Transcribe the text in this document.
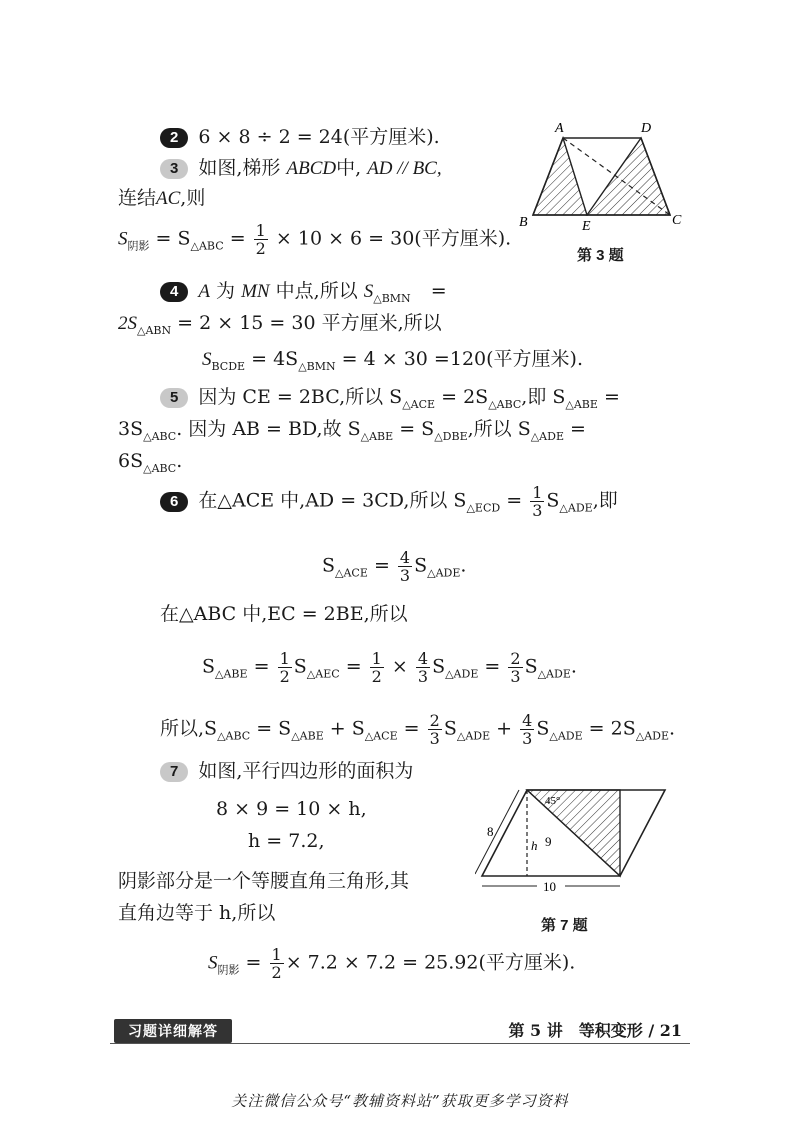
2 6 × 8 ÷ 2 = 24(平方厘米).
3 如图,梯形 ABCD中, AD // BC,
连结AC,则
$S_{阴影} = S_{\triangle ABC} = \frac{1}{2} \times 10 \times 6 = 30$(平方厘米).
A	D
B	E	C
第 3 题
4 A 为 MN 中点,所以 $S_{\triangle BMN}$ =
$2S_{\triangle ABN} = 2 \times 15 = 30$ 平方厘米,所以
$S_{BCDE} = 4S_{\triangle BMN} = 4 \times 30 =120$(平方厘米).
5 因为 CE = 2BC,所以 $S_{\triangle ACE} = 2S_{\triangle ABC}$,即 $S_{\triangle ABE}$ =
$3S_{\triangle ABC}$. 因为 AB = BD,故 $S_{\triangle ABE} = S_{\triangle DBE}$,所以 $S_{\triangle ADE}$ =
$6S_{\triangle ABC}$.
6 在△ACE 中,AD = 3CD,所以 $S_{\triangle ECD} = \frac{1}{3} S_{\triangle ADE}$,即
$S_{\triangle ACE} = \frac{4}{3} S_{\triangle ADE}$.
在△ABC 中,EC = 2BE,所以
$S_{\triangle ABE} = \frac{1}{2} S_{\triangle AEC} = \frac{1}{2} \times \frac{4}{3} S_{\triangle ADE} = \frac{2}{3} S_{\triangle ADE}$.
所以$,S_{\triangle ABC} = S_{\triangle ABE} + S_{\triangle ACE} = \frac{2}{3} S_{\triangle ADE} + \frac{4}{3} S_{\triangle ADE} = 2S_{\triangle ADE}$.
7 如图,平行四边形的面积为
8 × 9 = 10 × h,
h = 7.2,
阴影部分是一个等腰直角三角形,其
直角边等于 h,所以
$S_{阴影} = \frac{1}{2} \times 7.2 \times 7.2 = 25.92$(平方厘米).
8
45°
h 9
10
第 7 题
习题详细解答	第 5 讲　等积变形 / 21
关注微信公众号“教辅资料站”获取更多学习资料
